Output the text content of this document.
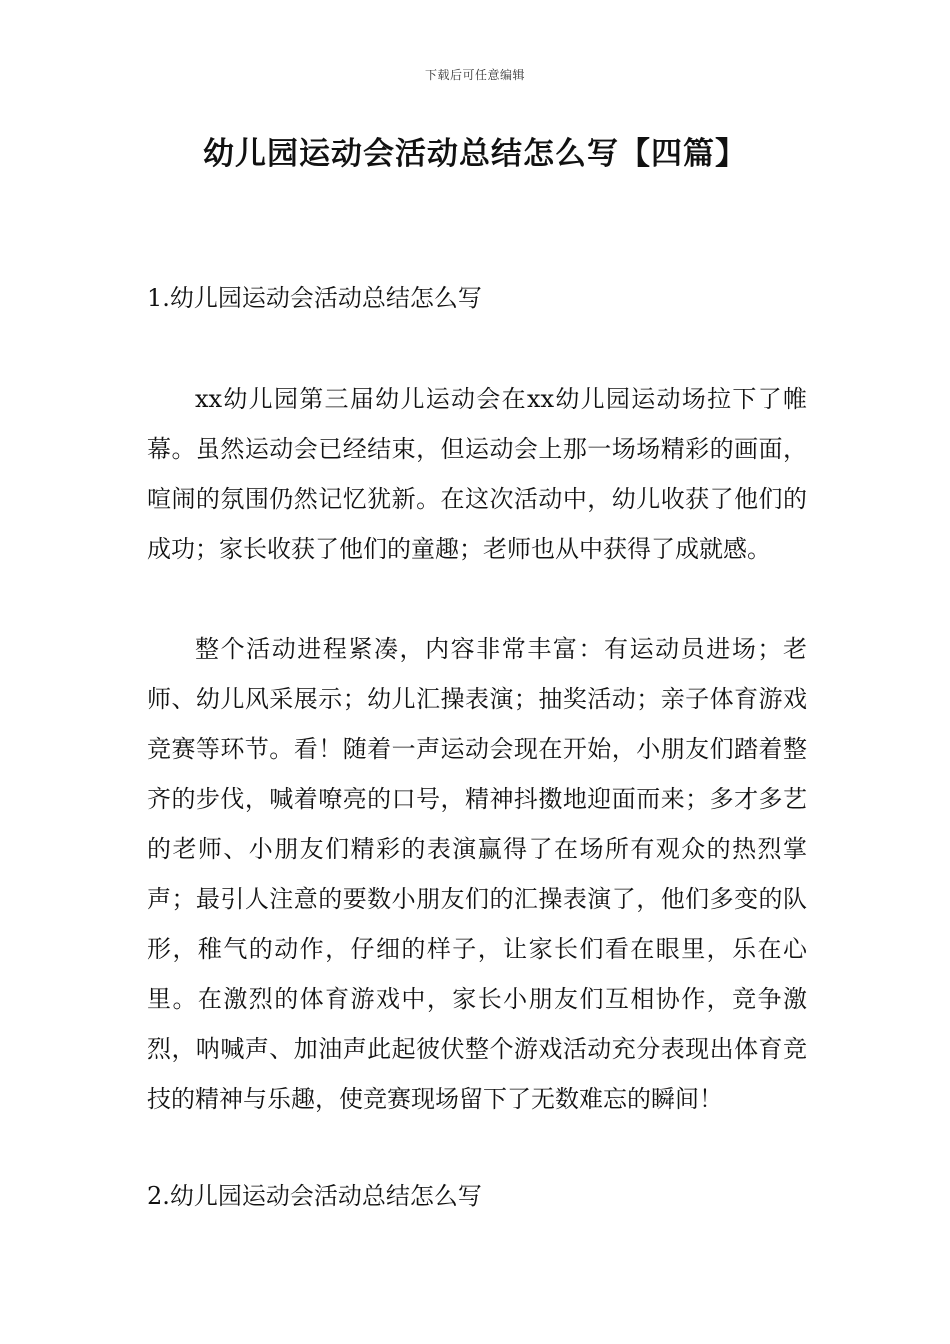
下载后可任意编辑
幼儿园运动会活动总结怎么写【四篇】
1.幼儿园运动会活动总结怎么写

xx幼儿园第三届幼儿运动会在xx幼儿园运动场拉下了帷幕。虽然运动会已经结束，但运动会上那一场场精彩的画面，喧闹的氛围仍然记忆犹新。在这次活动中，幼儿收获了他们的成功；家长收获了他们的童趣；老师也从中获得了成就感。

整个活动进程紧凑，内容非常丰富：有运动员进场；老师、幼儿风采展示；幼儿汇操表演；抽奖活动；亲子体育游戏竞赛等环节。看！随着一声运动会现在开始，小朋友们踏着整齐的步伐，喊着嘹亮的口号，精神抖擞地迎面而来；多才多艺的老师、小朋友们精彩的表演赢得了在场所有观众的热烈掌声；最引人注意的要数小朋友们的汇操表演了，他们多变的队形，稚气的动作，仔细的样子，让家长们看在眼里，乐在心里。在激烈的体育游戏中，家长小朋友们互相协作，竞争激烈，呐喊声、加油声此起彼伏整个游戏活动充分表现出体育竞技的精神与乐趣，使竞赛现场留下了无数难忘的瞬间！

2.幼儿园运动会活动总结怎么写
